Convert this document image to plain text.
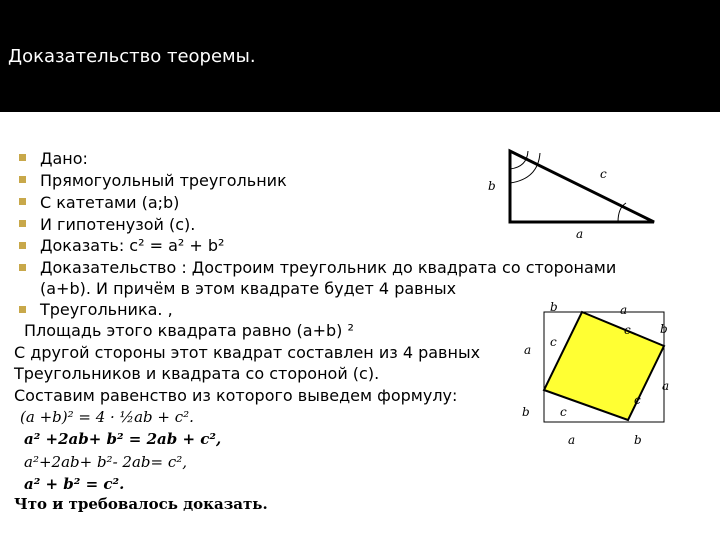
Доказательство теоремы.
Дано:
Прямогуольный треугольник
С катетами (a;b)
И гипотенузой (с).
Доказать: c² = a² + b²
Доказательство : Достроим треугольник до квадрата со сторонами
(a+b). И причём в этом квадрате будет 4 равных
Треугольника. ,
Площадь этого квадрата равно (a+b) ²
С другой стороны этот квадрат составлен из 4 равных
Треугольников и квадрата со стороной (с).
Составим равенство из которого выведем формулу:
(a +b)² = 4 · ½ab + c².
a² +2ab+ b² = 2ab + c²,
a²+2ab+ b²- 2ab= c²,
a² + b² = c².
Что и требовалось доказать.
c
b
a
b	a
b
a
a	b
a
b
c
c
c
c
